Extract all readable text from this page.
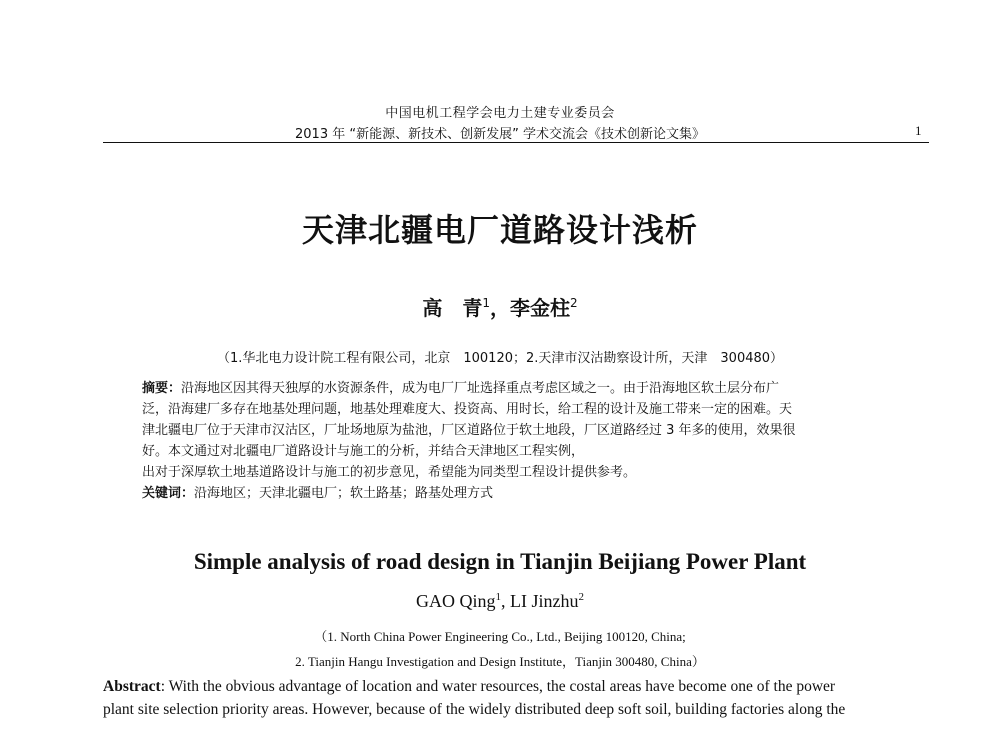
中国电机工程学会电力土建专业委员会
2013 年 “新能源、新技术、创新发展” 学术交流会《技术创新论文集》	1
天津北疆电厂道路设计浅析
高　青$^1$，李金柱$^2$
（1.华北电力设计院工程有限公司，北京　100120；2.天津市汉沽勘察设计所，天津　300480）
摘要：沿海地区因其得天独厚的水资源条件，成为电厂厂址选择重点考虑区域之一。由于沿海地区软土层分布广
泛，沿海建厂多存在地基处理问题，地基处理难度大、投资高、用时长，给工程的设计及施工带来一定的困难。天
津北疆电厂位于天津市汉沽区，厂址场地原为盐池，厂区道路位于软土地段，厂区道路经过 3 年多的使用，效果很
好。本文通过对北疆电厂道路设计与施工的分析，并结合天津地区工程实例，
出对于深厚软土地基道路设计与施工的初步意见，希望能为同类型工程设计提供参考。
关键词：沿海地区；天津北疆电厂；软土路基；路基处理方式
Simple analysis of road design in Tianjin Beijiang Power Plant
GAO Qing$^1$, LI Jinzhu$^2$
（1. North China Power Engineering Co., Ltd., Beijing 100120, China;
2. Tianjin Hangu Investigation and Design Institute，Tianjin 300480, China）
Abstract: With the obvious advantage of location and water resources, the costal areas have become one of the power
plant site selection priority areas. However, because of the widely distributed deep soft soil, building factories along the
